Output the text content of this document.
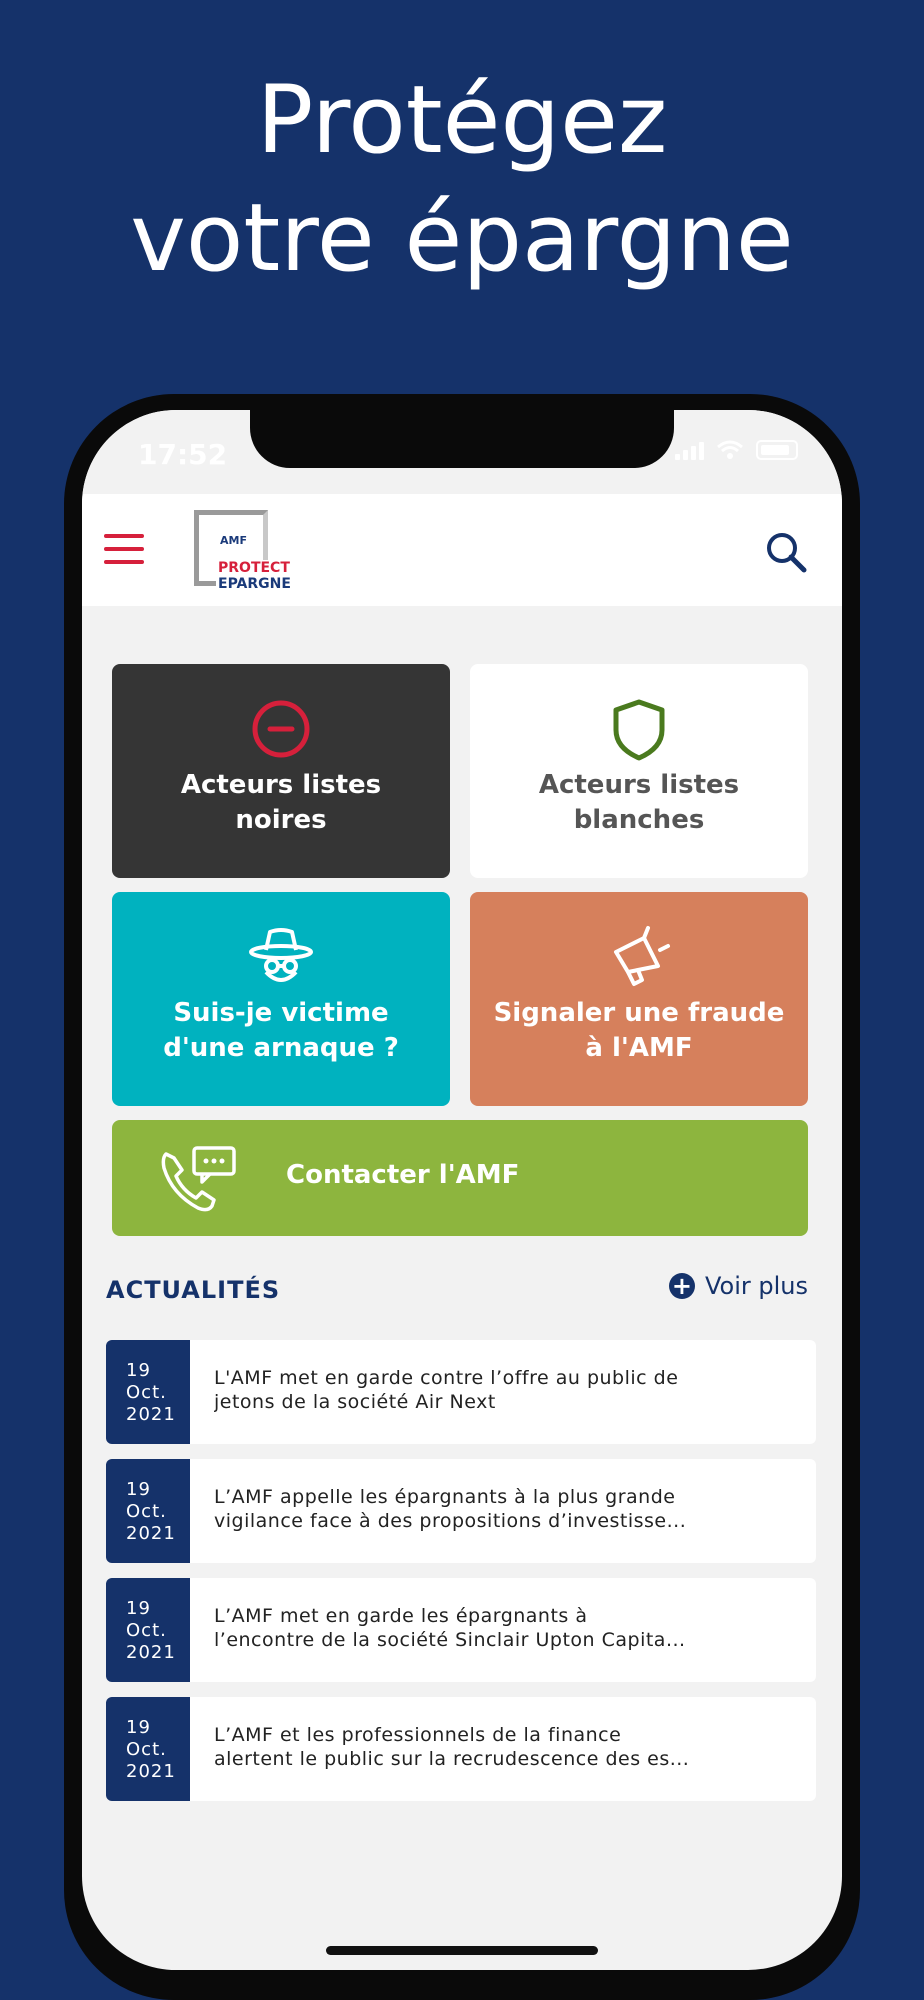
Protégez
votre épargne
17:52
AMF
PROTECT
EPARGNE
Acteurs listes noires
Acteurs listes blanches
Suis-je victime d'une arnaque ?
Signaler une fraude à l'AMF
Contacter l'AMF
ACTUALITÉS	+ Voir plus
19
Oct.
2021
L'AMF met en garde contre l’offre au public de
jetons de la société Air Next
19
Oct.
2021
L’AMF appelle les épargnants à la plus grande
vigilance face à des propositions d’investisse...
19
Oct.
2021
L’AMF met en garde les épargnants à
l’encontre de la société Sinclair Upton Capita...
19
Oct.
2021
L’AMF et les professionnels de la finance
alertent le public sur la recrudescence des es...
